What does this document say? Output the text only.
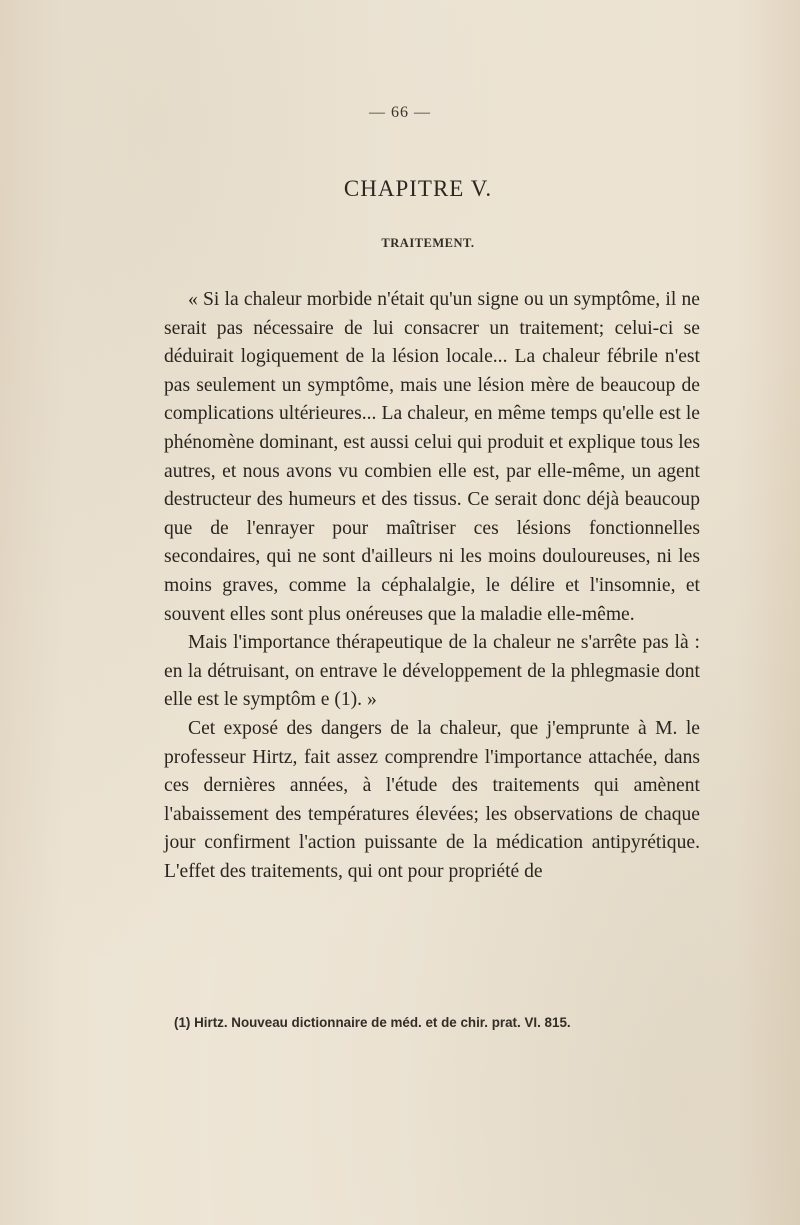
— 66 —
CHAPITRE V.
TRAITEMENT.

« Si la chaleur morbide n'était qu'un signe ou un symptôme, il ne serait pas nécessaire de lui consacrer un traitement; celui-ci se déduirait logiquement de la lésion locale... La chaleur fébrile n'est pas seulement un symptôme, mais une lésion mère de beaucoup de complications ultérieures... La chaleur, en même temps qu'elle est le phénomène dominant, est aussi celui qui produit et explique tous les autres, et nous avons vu combien elle est, par elle-même, un agent destructeur des humeurs et des tissus. Ce serait donc déjà beaucoup que de l'enrayer pour maîtriser ces lésions fonctionnelles secondaires, qui ne sont d'ailleurs ni les moins douloureuses, ni les moins graves, comme la céphalalgie, le délire et l'insomnie, et souvent elles sont plus onéreuses que la maladie elle-même.

Mais l'importance thérapeutique de la chaleur ne s'arrête pas là : en la détruisant, on entrave le développement de la phlegmasie dont elle est le symptôm e (1). »

Cet exposé des dangers de la chaleur, que j'emprunte à M. le professeur Hirtz, fait assez comprendre l'importance attachée, dans ces dernières années, à l'étude des traitements qui amènent l'abaissement des températures élevées; les observations de chaque jour confirment l'action puissante de la médication antipyrétique. L'effet des traitements, qui ont pour propriété de

(1) Hirtz. Nouveau dictionnaire de méd. et de chir. prat. VI. 815.
